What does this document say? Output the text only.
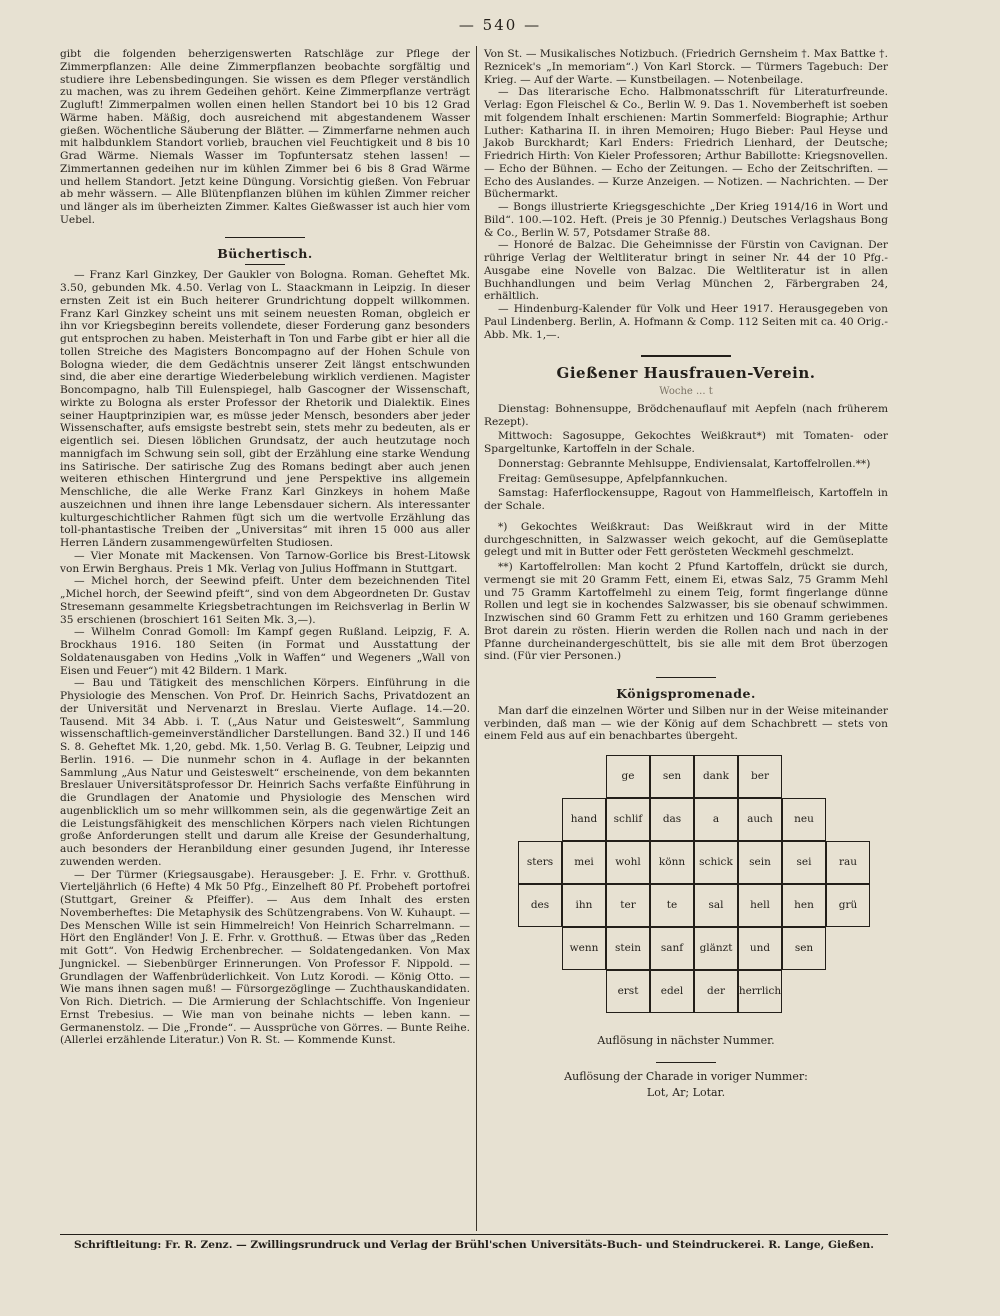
— 540 —

gibt die folgenden beherzigenswerten Ratschläge zur Pflege der Zimmerpflanzen: Alle deine Zimmerpflanzen beobachte sorgfältig und studiere ihre Lebensbedingungen. Sie wissen es dem Pfleger verständlich zu machen, was zu ihrem Gedeihen gehört. Keine Zimmerpflanze verträgt Zugluft! Zimmerpalmen wollen einen hellen Standort bei 10 bis 12 Grad Wärme haben. Mäßig, doch ausreichend mit abgestandenem Wasser gießen. Wöchentliche Säuberung der Blätter. — Zimmerfarne nehmen auch mit halbdunklem Standort vorlieb, brauchen viel Feuchtigkeit und 8 bis 10 Grad Wärme. Niemals Wasser im Topfuntersatz stehen lassen! — Zimmertannen gedeihen nur im kühlen Zimmer bei 6 bis 8 Grad Wärme und hellem Standort. Jetzt keine Düngung. Vorsichtig gießen. Von Februar ab mehr wässern. — Alle Blütenpflanzen blühen im kühlen Zimmer reicher und länger als im überheizten Zimmer. Kaltes Gießwasser ist auch hier vom Uebel.

Büchertisch.

— Franz Karl Ginzkey, Der Gaukler von Bologna. Roman. Geheftet Mk. 3.50, gebunden Mk. 4.50. Verlag von L. Staackmann in Leipzig. In dieser ernsten Zeit ist ein Buch heiterer Grundrichtung doppelt willkommen. Franz Karl Ginzkey scheint uns mit seinem neuesten Roman, obgleich er ihn vor Kriegsbeginn bereits vollendete, dieser Forderung ganz besonders gut entsprochen zu haben. Meisterhaft in Ton und Farbe gibt er hier all die tollen Streiche des Magisters Boncompagno auf der Hohen Schule von Bologna wieder, die dem Gedächtnis unserer Zeit längst entschwunden sind, die aber eine derartige Wiederbelebung wirklich verdienen. Magister Boncompagno, halb Till Eulenspiegel, halb Gascogner der Wissenschaft, wirkte zu Bologna als erster Professor der Rhetorik und Dialektik. Eines seiner Hauptprinzipien war, es müsse jeder Mensch, besonders aber jeder Wissenschafter, aufs emsigste bestrebt sein, stets mehr zu bedeuten, als er eigentlich sei. Diesen löblichen Grundsatz, der auch heutzutage noch mannigfach im Schwung sein soll, gibt der Erzählung eine starke Wendung ins Satirische. Der satirische Zug des Romans bedingt aber auch jenen weiteren ethischen Hintergrund und jene Perspektive ins allgemein Menschliche, die alle Werke Franz Karl Ginzkeys in hohem Maße auszeichnen und ihnen ihre lange Lebensdauer sichern. Als interessanter kulturgeschichtlicher Rahmen fügt sich um die wertvolle Erzählung das toll-phantastische Treiben der „Universitas“ mit ihren 15 000 aus aller Herren Ländern zusammengewürfelten Studiosen.

— Vier Monate mit Mackensen. Von Tarnow-Gorlice bis Brest-Litowsk von Erwin Berghaus. Preis 1 Mk. Verlag von Julius Hoffmann in Stuttgart.

— Michel horch, der Seewind pfeift. Unter dem bezeichnenden Titel „Michel horch, der Seewind pfeift“, sind von dem Abgeordneten Dr. Gustav Stresemann gesammelte Kriegsbetrachtungen im Reichsverlag in Berlin W 35 erschienen (broschiert 161 Seiten Mk. 3,—).

— Wilhelm Conrad Gomoll: Im Kampf gegen Rußland. Leipzig, F. A. Brockhaus 1916. 180 Seiten (in Format und Ausstattung der Soldatenausgaben von Hedins „Volk in Waffen“ und Wegeners „Wall von Eisen und Feuer“) mit 42 Bildern. 1 Mark.

— Bau und Tätigkeit des menschlichen Körpers. Einführung in die Physiologie des Menschen. Von Prof. Dr. Heinrich Sachs, Privatdozent an der Universität und Nervenarzt in Breslau. Vierte Auflage. 14.—20. Tausend. Mit 34 Abb. i. T. („Aus Natur und Geisteswelt“, Sammlung wissenschaftlich-gemeinverständlicher Darstellungen. Band 32.) II und 146 S. 8. Geheftet Mk. 1,20, gebd. Mk. 1,50. Verlag B. G. Teubner, Leipzig und Berlin. 1916. — Die nunmehr schon in 4. Auflage in der bekannten Sammlung „Aus Natur und Geisteswelt“ erscheinende, von dem bekannten Breslauer Universitätsprofessor Dr. Heinrich Sachs verfaßte Einführung in die Grundlagen der Anatomie und Physiologie des Menschen wird augenblicklich um so mehr willkommen sein, als die gegenwärtige Zeit an die Leistungsfähigkeit des menschlichen Körpers nach vielen Richtungen große Anforderungen stellt und darum alle Kreise der Gesunderhaltung, auch besonders der Heranbildung einer gesunden Jugend, ihr Interesse zuwenden werden.

— Der Türmer (Kriegsausgabe). Herausgeber: J. E. Frhr. v. Grotthuß. Vierteljährlich (6 Hefte) 4 Mk 50 Pfg., Einzelheft 80 Pf. Probeheft portofrei (Stuttgart, Greiner & Pfeiffer). — Aus dem Inhalt des ersten Novemberheftes: Die Metaphysik des Schützengrabens. Von W. Kuhaupt. — Des Menschen Wille ist sein Himmelreich! Von Heinrich Scharrelmann. — Hört den Engländer! Von J. E. Frhr. v. Grotthuß. — Etwas über das „Reden mit Gott“. Von Hedwig Erchenbrecher. — Soldatengedanken. Von Max Jungnickel. — Siebenbürger Erinnerungen. Von Professor F. Nippold. — Grundlagen der Waffenbrüderlichkeit. Von Lutz Korodi. — König Otto. — Wie mans ihnen sagen muß! — Fürsorgezöglinge — Zuchthauskandidaten. Von Rich. Dietrich. — Die Armierung der Schlachtschiffe. Von Ingenieur Ernst Trebesius. — Wie man von beinahe nichts — leben kann. — Germanenstolz. — Die „Fronde“. — Aussprüche von Görres. — Bunte Reihe. (Allerlei erzählende Literatur.) Von R. St. — Kommende Kunst.

Von St. — Musikalisches Notizbuch. (Friedrich Gernsheim †. Max Battke †. Reznicek's „In memoriam“.) Von Karl Storck. — Türmers Tagebuch: Der Krieg. — Auf der Warte. — Kunstbeilagen. — Notenbeilage.

— Das literarische Echo. Halbmonatsschrift für Literaturfreunde. Verlag: Egon Fleischel & Co., Berlin W. 9. Das 1. Novemberheft ist soeben mit folgendem Inhalt erschienen: Martin Sommerfeld: Biographie; Arthur Luther: Katharina II. in ihren Memoiren; Hugo Bieber: Paul Heyse und Jakob Burckhardt; Karl Enders: Friedrich Lienhard, der Deutsche; Friedrich Hirth: Von Kieler Professoren; Arthur Babillotte: Kriegsnovellen. — Echo der Bühnen. — Echo der Zeitungen. — Echo der Zeitschriften. — Echo des Auslandes. — Kurze Anzeigen. — Notizen. — Nachrichten. — Der Büchermarkt.

— Bongs illustrierte Kriegsgeschichte „Der Krieg 1914/16 in Wort und Bild“. 100.—102. Heft. (Preis je 30 Pfennig.) Deutsches Verlagshaus Bong & Co., Berlin W. 57, Potsdamer Straße 88.

— Honoré de Balzac. Die Geheimnisse der Fürstin von Cavignan. Der rührige Verlag der Weltliteratur bringt in seiner Nr. 44 der 10 Pfg.-Ausgabe eine Novelle von Balzac. Die Weltliteratur ist in allen Buchhandlungen und beim Verlag München 2, Färbergraben 24, erhältlich.

— Hindenburg-Kalender für Volk und Heer 1917. Herausgegeben von Paul Lindenberg. Berlin, A. Hofmann & Comp. 112 Seiten mit ca. 40 Orig.-Abb. Mk. 1,—.

Gießener Hausfrauen-Verein.
Woche ... t

Dienstag: Bohnensuppe, Brödchenauflauf mit Aepfeln (nach früherem Rezept).

Mittwoch: Sagosuppe, Gekochtes Weißkraut*) mit Tomaten- oder Spargeltunke, Kartoffeln in der Schale.

Donnerstag: Gebrannte Mehlsuppe, Endiviensalat, Kartoffelrollen.**)

Freitag: Gemüsesuppe, Apfelpfannkuchen.

Samstag: Haferflockensuppe, Ragout von Hammelfleisch, Kartoffeln in der Schale.

*) Gekochtes Weißkraut: Das Weißkraut wird in der Mitte durchgeschnitten, in Salzwasser weich gekocht, auf die Gemüseplatte gelegt und mit in Butter oder Fett gerösteten Weckmehl geschmelzt.

**) Kartoffelrollen: Man kocht 2 Pfund Kartoffeln, drückt sie durch, vermengt sie mit 20 Gramm Fett, einem Ei, etwas Salz, 75 Gramm Mehl und 75 Gramm Kartoffelmehl zu einem Teig, formt fingerlange dünne Rollen und legt sie in kochendes Salzwasser, bis sie obenauf schwimmen. Inzwischen sind 60 Gramm Fett zu erhitzen und 160 Gramm geriebenes Brot darein zu rösten. Hierin werden die Rollen nach und nach in der Pfanne durcheinandergeschüttelt, bis sie alle mit dem Brot überzogen sind. (Für vier Personen.)

Königspromenade.

Man darf die einzelnen Wörter und Silben nur in der Weise miteinander verbinden, daß man — wie der König auf dem Schachbrett — stets von einem Feld aus auf ein benachbartes übergeht.

ge	sen	dank	ber
hand	schlif	das	a	auch	neu
sters	mei	wohl	könn	schick	sein	sei	rau
des	ihn	ter	te	sal	hell	hen	grü
wenn	stein	sanf	glänzt	und	sen
erst	edel	der	herrlich
Auflösung in nächster Nummer.
Auflösung der Charade in voriger Nummer:
Lot, Ar; Lotar.
Schriftleitung: Fr. R. Zenz. — Zwillingsrundruck und Verlag der Brühl'schen Universitäts-Buch- und Steindruckerei. R. Lange, Gießen.
